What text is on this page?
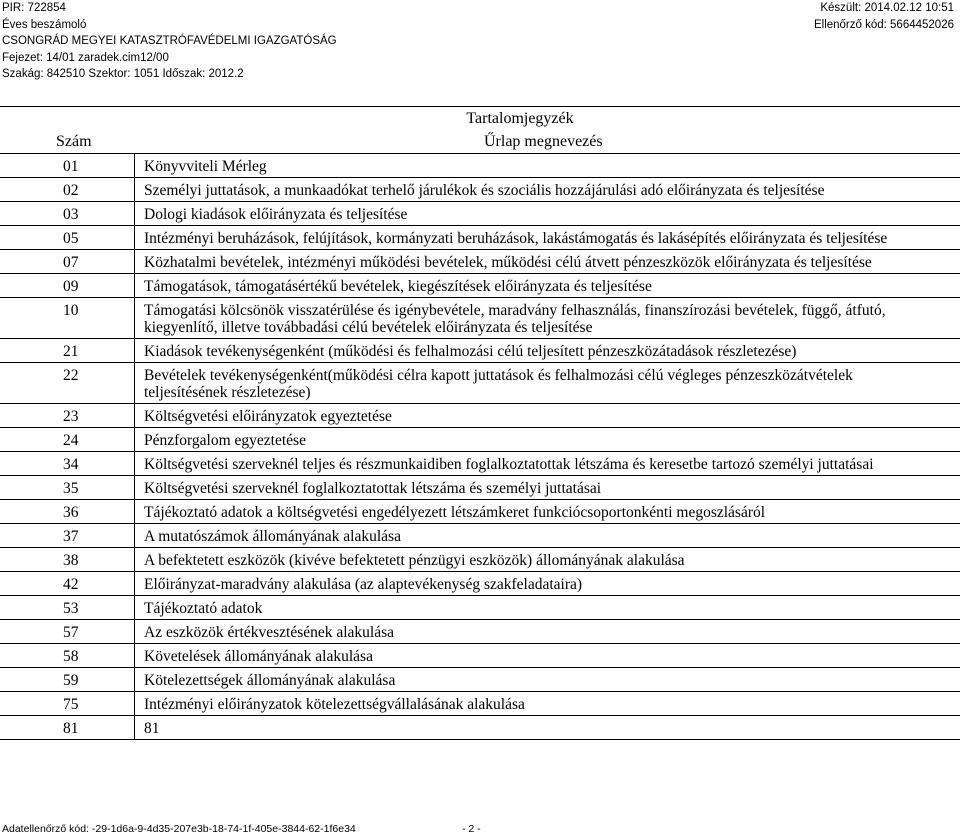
PIR: 722854
Éves beszámoló
CSONGRÁD MEGYEI KATASZTRÓFAVÉDELMI IGAZGATÓSÁG
Fejezet: 14/01 zaradek.cim12/00
Szakág: 842510 Szektor: 1051 Időszak: 2012.2
Készült: 2014.02.12 10:51
Ellenőrző kód: 5664452026
Tartalomjegyzék
Szám	Űrlap megnevezés
01	Könyvviteli Mérleg
02	Személyi juttatások, a munkaadókat terhelő járulékok és szociális hozzájárulási adó előirányzata és teljesítése
03	Dologi kiadások előirányzata és teljesítése
05	Intézményi beruházások, felújítások, kormányzati beruházások, lakástámogatás és lakásépítés előirányzata és teljesítése
07	Közhatalmi bevételek, intézményi működési bevételek, működési célú átvett pénzeszközök előirányzata és teljesítése
09	Támogatások, támogatásértékű bevételek, kiegészítések előirányzata és teljesítése
10	Támogatási kölcsönök visszatérülése és igénybevétele, maradvány felhasználás, finanszírozási bevételek, függő, átfutó, kiegyenlítő, illetve továbbadási célú bevételek előirányzata és teljesítése
21	Kiadások tevékenységenként (működési és felhalmozási célú teljesített pénzeszközátadások részletezése)
22	Bevételek tevékenységenként(működési célra kapott juttatások és felhalmozási célú végleges pénzeszközátvételek teljesítésének részletezése)
23	Költségvetési előirányzatok egyeztetése
24	Pénzforgalom egyeztetése
34	Költségvetési szerveknél teljes és részmunkaidiben foglalkoztatottak létszáma és keresetbe tartozó személyi juttatásai
35	Költségvetési szerveknél foglalkoztatottak létszáma és személyi juttatásai
36	Tájékoztató adatok a költségvetési engedélyezett létszámkeret funkciócsoportonkénti megoszlásáról
37	A mutatószámok állományának alakulása
38	A befektetett eszközök (kivéve befektetett pénzügyi eszközök) állományának alakulása
42	Előirányzat-maradvány alakulása (az alaptevékenység szakfeladataira)
53	Tájékoztató adatok
57	Az eszközök értékvesztésének alakulása
58	Követelések állományának alakulása
59	Kötelezettségek állományának alakulása
75	Intézményi előirányzatok kötelezettségvállalásának alakulása
81	81
Adatellenőrző kód: -29-1d6a-9-4d35-207e3b-18-74-1f-405e-3844-62-1f6e34	- 2 -
